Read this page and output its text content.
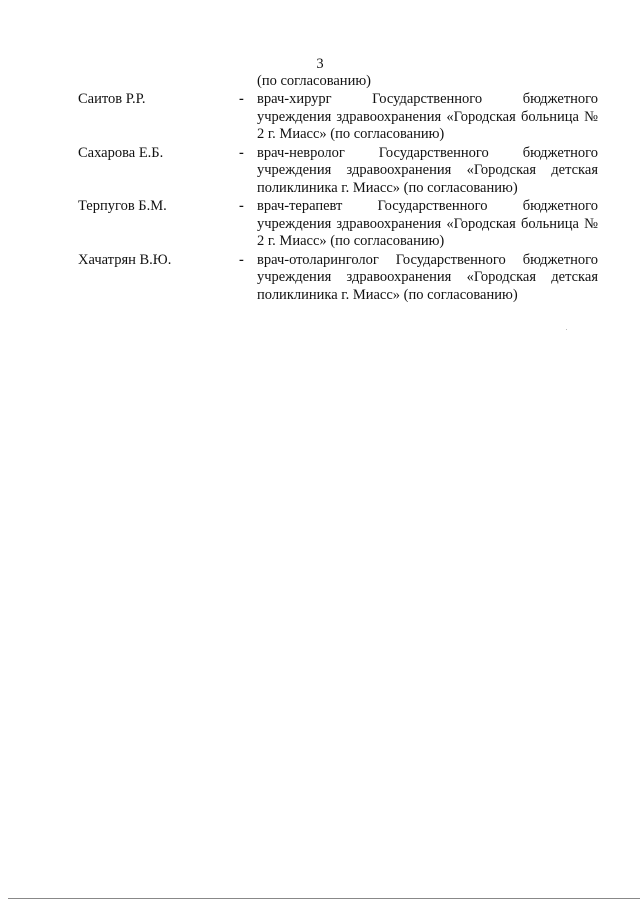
3
(по согласованию)
Саитов Р.Р.	- врач-хирург Государственного бюджетного учреждения здравоохранения «Городская больница № 2 г. Миасс» (по согласованию)
Сахарова Е.Б.	- врач-невролог Государственного бюджетного учреждения здравоохранения «Городская детская поликлиника г. Миасс» (по согласованию)
Терпугов Б.М.	- врач-терапевт Государственного бюджетного учреждения здравоохранения «Городская больница № 2 г. Миасс» (по согласованию)
Хачатрян В.Ю.	- врач-отоларинголог Государственного бюджетного учреждения здравоохранения «Городская детская поликлиника г. Миасс» (по согласованию)
